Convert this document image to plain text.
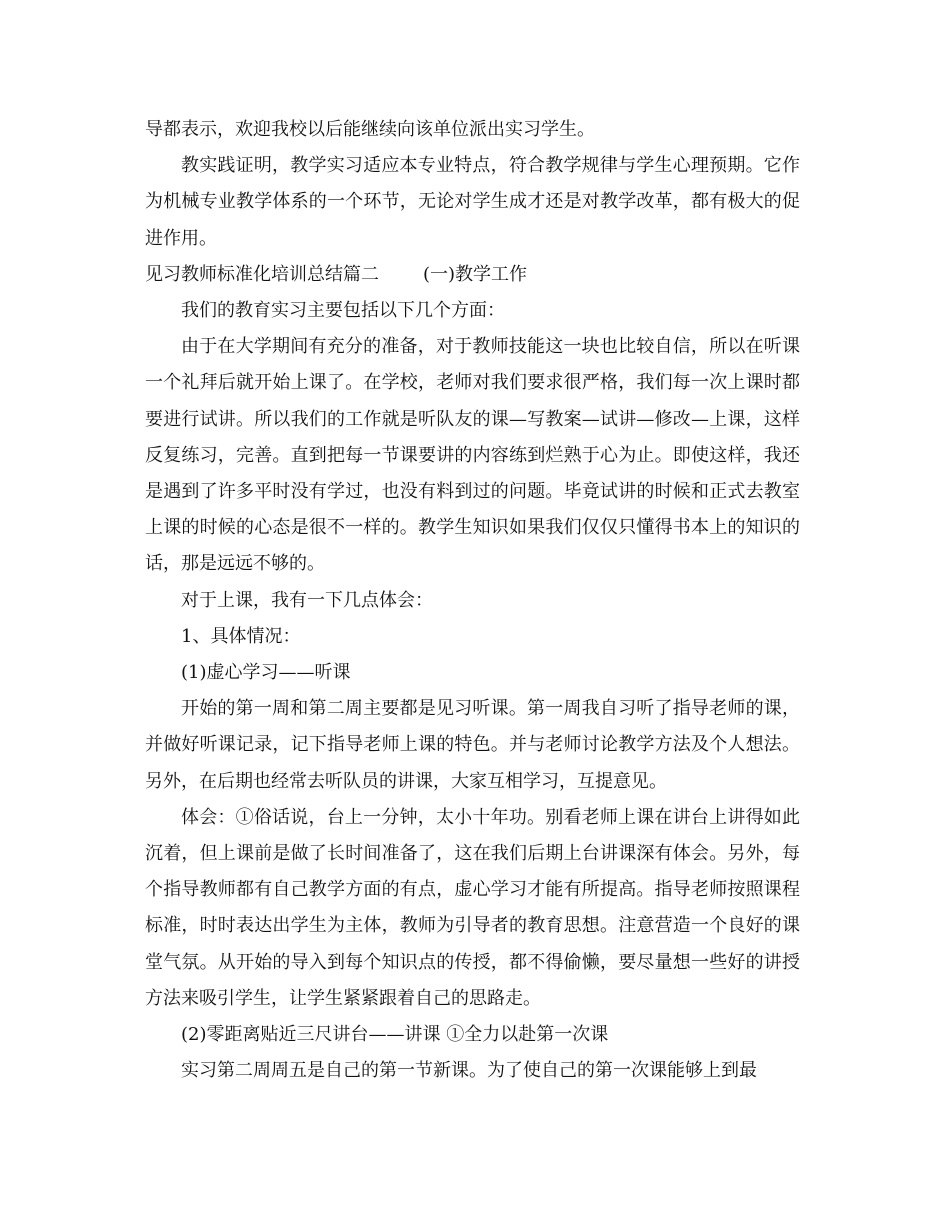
导都表示，欢迎我校以后能继续向该单位派出实习学生。

教实践证明，教学实习适应本专业特点，符合教学规律与学生心理预期。它作为机械专业教学体系的一个环节，无论对学生成才还是对教学改革，都有极大的促进作用。

见习教师标准化培训总结篇二 (一)教学工作

我们的教育实习主要包括以下几个方面：

由于在大学期间有充分的准备，对于教师技能这一块也比较自信，所以在听课一个礼拜后就开始上课了。在学校，老师对我们要求很严格，我们每一次上课时都要进行试讲。所以我们的工作就是听队友的课—写教案—试讲—修改—上课，这样反复练习，完善。直到把每一节课要讲的内容练到烂熟于心为止。即使这样，我还是遇到了许多平时没有学过，也没有料到过的问题。毕竟试讲的时候和正式去教室上课的时候的心态是很不一样的。教学生知识如果我们仅仅只懂得书本上的知识的话，那是远远不够的。

对于上课，我有一下几点体会：

1、具体情况：

(1)虚心学习——听课

开始的第一周和第二周主要都是见习听课。第一周我自习听了指导老师的课，并做好听课记录，记下指导老师上课的特色。并与老师讨论教学方法及个人想法。另外，在后期也经常去听队员的讲课，大家互相学习，互提意见。

体会：①俗话说，台上一分钟，太小十年功。别看老师上课在讲台上讲得如此沉着，但上课前是做了长时间准备了，这在我们后期上台讲课深有体会。另外，每个指导教师都有自己教学方面的有点，虚心学习才能有所提高。指导老师按照课程标准，时时表达出学生为主体，教师为引导者的教育思想。注意营造一个良好的课堂气氛。从开始的导入到每个知识点的传授，都不得偷懒，要尽量想一些好的讲授方法来吸引学生，让学生紧紧跟着自己的思路走。

(2)零距离贴近三尺讲台——讲课 ①全力以赴第一次课

实习第二周周五是自己的第一节新课。为了使自己的第一次课能够上到最
